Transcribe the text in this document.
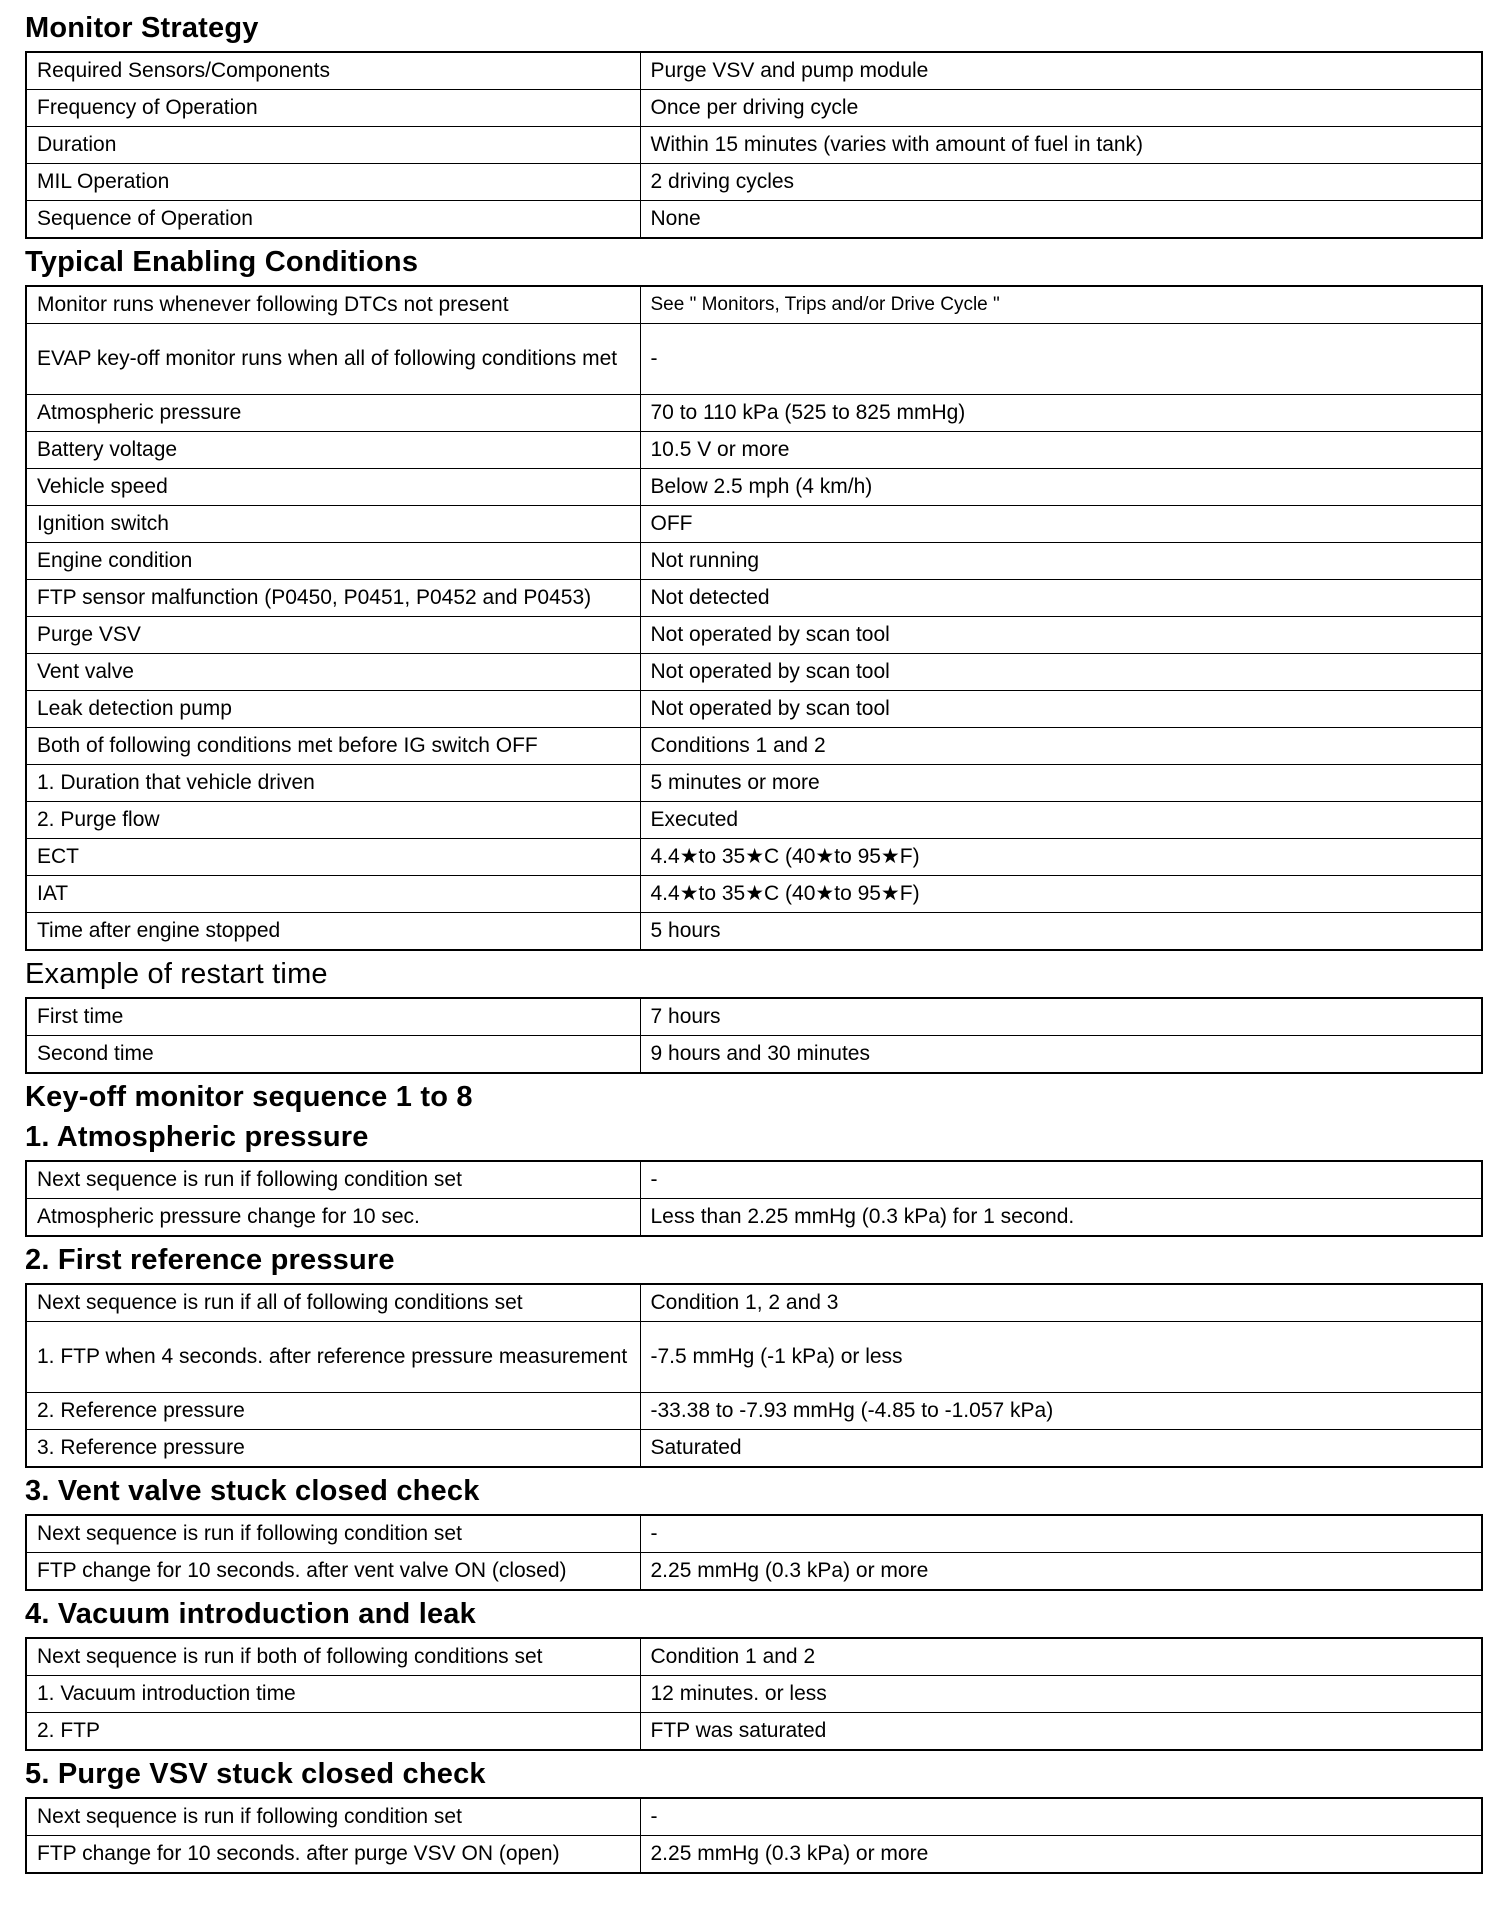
Monitor Strategy
Required Sensors/Components	Purge VSV and pump module
Frequency of Operation	Once per driving cycle
Duration	Within 15 minutes (varies with amount of fuel in tank)
MIL Operation	2 driving cycles
Sequence of Operation	None
Typical Enabling Conditions
Monitor runs whenever following DTCs not present	See " Monitors, Trips and/or Drive Cycle "
EVAP key-off monitor runs when all of following conditions met	-
Atmospheric pressure	70 to 110 kPa (525 to 825 mmHg)
Battery voltage	10.5 V or more
Vehicle speed	Below 2.5 mph (4 km/h)
Ignition switch	OFF
Engine condition	Not running
FTP sensor malfunction (P0450, P0451, P0452 and P0453)	Not detected
Purge VSV	Not operated by scan tool
Vent valve	Not operated by scan tool
Leak detection pump	Not operated by scan tool
Both of following conditions met before IG switch OFF	Conditions 1 and 2
1. Duration that vehicle driven	5 minutes or more
2. Purge flow	Executed
ECT	4.4★to 35★C (40★to 95★F)
IAT	4.4★to 35★C (40★to 95★F)
Time after engine stopped	5 hours
Example of restart time
First time	7 hours
Second time	9 hours and 30 minutes
Key-off monitor sequence 1 to 8
1. Atmospheric pressure
Next sequence is run if following condition set	-
Atmospheric pressure change for 10 sec.	Less than 2.25 mmHg (0.3 kPa) for 1 second.
2. First reference pressure
Next sequence is run if all of following conditions set	Condition 1, 2 and 3
1. FTP when 4 seconds. after reference pressure measurement	-7.5 mmHg (-1 kPa) or less
2. Reference pressure	-33.38 to -7.93 mmHg (-4.85 to -1.057 kPa)
3. Reference pressure	Saturated
3. Vent valve stuck closed check
Next sequence is run if following condition set	-
FTP change for 10 seconds. after vent valve ON (closed)	2.25 mmHg (0.3 kPa) or more
4. Vacuum introduction and leak
Next sequence is run if both of following conditions set	Condition 1 and 2
1. Vacuum introduction time	12 minutes. or less
2. FTP	FTP was saturated
5. Purge VSV stuck closed check
Next sequence is run if following condition set	-
FTP change for 10 seconds. after purge VSV ON (open)	2.25 mmHg (0.3 kPa) or more
